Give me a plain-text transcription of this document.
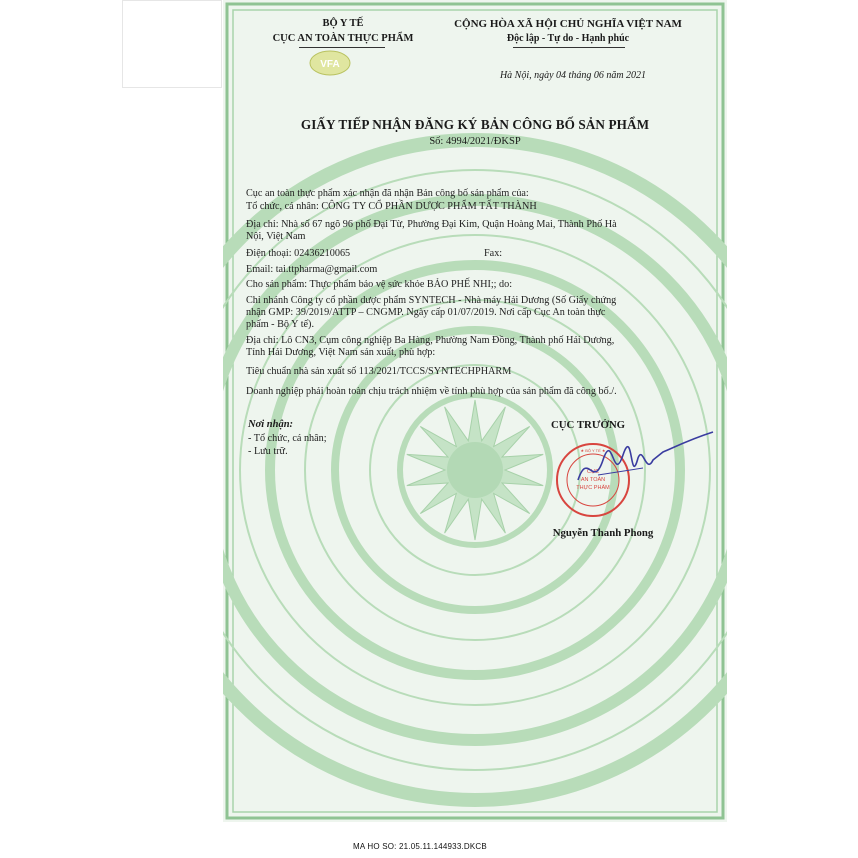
BỘ Y TẾ
CỤC AN TOÀN THỰC PHẨM
VFA
CỘNG HÒA XÃ HỘI CHỦ NGHĨA VIỆT NAM
Độc lập - Tự do - Hạnh phúc
Hà Nội, ngày 04 tháng 06 năm 2021
GIẤY TIẾP NHẬN ĐĂNG KÝ BẢN CÔNG BỐ SẢN PHẨM
Số: 4994/2021/ĐKSP
Cục an toàn thực phẩm xác nhận đã nhận Bản công bố sản phẩm của:
Tổ chức, cá nhân: CÔNG TY CỔ PHẦN DƯỢC PHẨM TẤT THÀNH
Địa chỉ: Nhà số 67 ngõ 96 phố Đại Từ, Phường Đại Kim, Quận Hoàng Mai, Thành Phố Hà
Nội, Việt Nam
Điện thoại: 02436210065	Fax:
Email: tai.ttpharma@gmail.com
Cho sản phẩm: Thực phẩm bảo vệ sức khỏe BẢO PHẾ NHI;; do:
Chi nhánh Công ty cổ phần dược phẩm SYNTECH - Nhà máy Hải Dương (Số Giấy chứng
nhận GMP: 39/2019/ATTP – CNGMP. Ngày cấp 01/07/2019. Nơi cấp Cục An toàn thực
phẩm - Bộ Y tế).
Địa chỉ: Lô CN3, Cụm công nghiệp Ba Hàng, Phường Nam Đồng, Thành phố Hải Dương,
Tỉnh Hải Dương, Việt Nam sản xuất, phù hợp:
Tiêu chuẩn nhà sản xuất số 113/2021/TCCS/SYNTECHPHARM
Doanh nghiệp phải hoàn toàn chịu trách nhiệm về tính phù hợp của sản phẩm đã công bố./.
Nơi nhận:
- Tổ chức, cá nhân;
- Lưu trữ.
CỤC TRƯỞNG
CỤC
AN TOÀN
THỰC PHẨM
★ BỘ Y TẾ ★
Nguyễn Thanh Phong
MA HO SO: 21.05.11.144933.DKCB
